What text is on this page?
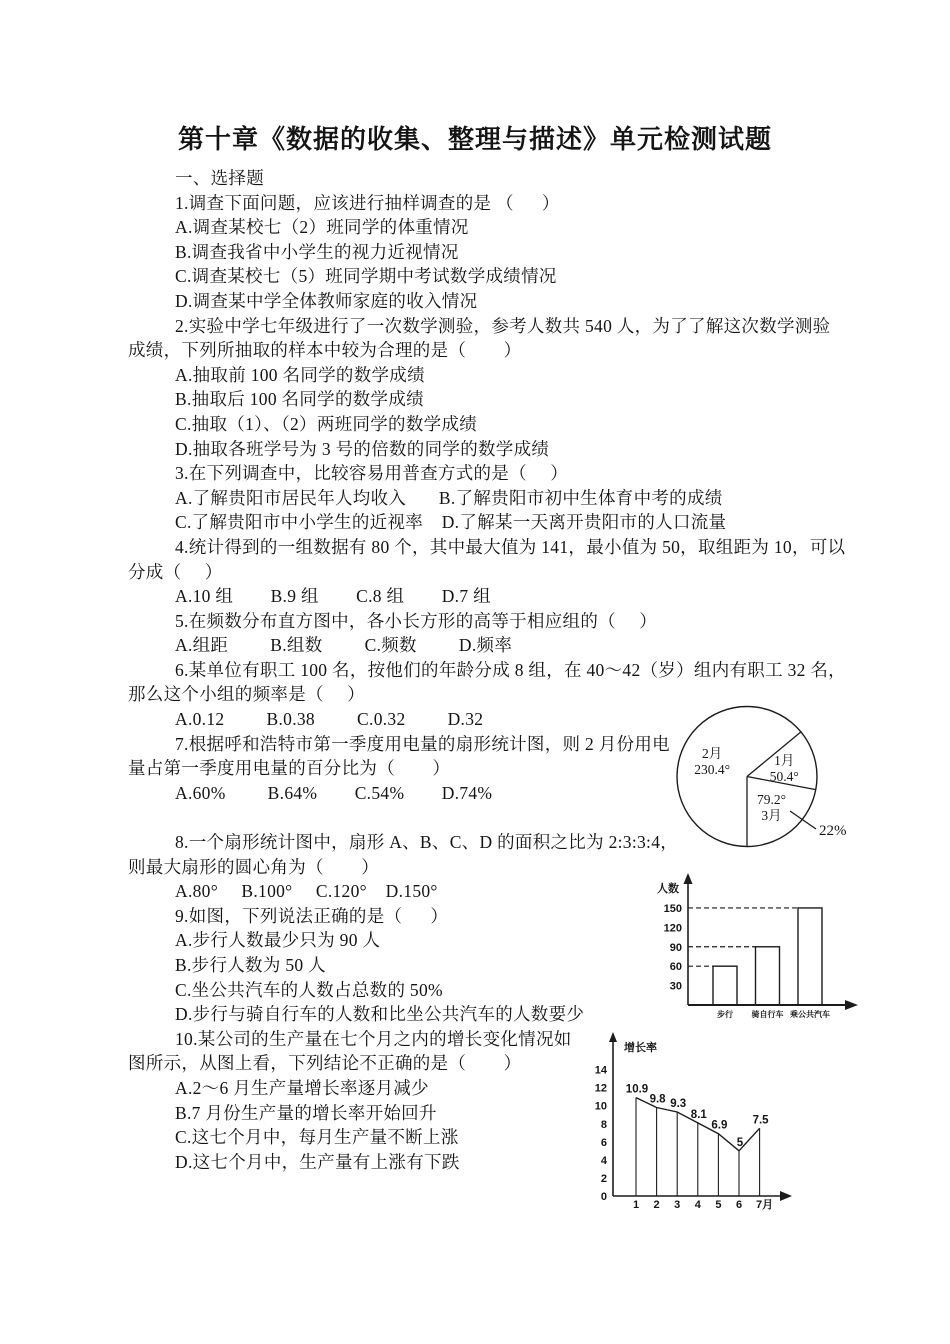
第十章《数据的收集、整理与描述》单元检测试题
一、选择题
1.调查下面问题，应该进行抽样调查的是 （      ）
A.调查某校七（2）班同学的体重情况
B.调查我省中小学生的视力近视情况
C.调查某校七（5）班同学期中考试数学成绩情况
D.调查某中学全体教师家庭的收入情况
2.实验中学七年级进行了一次数学测验，参考人数共 540 人，为了了解这次数学测验
成绩，下列所抽取的样本中较为合理的是（        ）
A.抽取前 100 名同学的数学成绩
B.抽取后 100 名同学的数学成绩
C.抽取（1）、（2）两班同学的数学成绩
D.抽取各班学号为 3 号的倍数的同学的数学成绩
3.在下列调查中，比较容易用普查方式的是（     ）
A.了解贵阳市居民年人均收入       B.了解贵阳市初中生体育中考的成绩
C.了解贵阳市中小学生的近视率    D.了解某一天离开贵阳市的人口流量
4.统计得到的一组数据有 80 个，其中最大值为 141，最小值为 50，取组距为 10，可以
分成（     ）
A.10 组        B.9 组        C.8 组        D.7 组
5.在频数分布直方图中，各小长方形的高等于相应组的（     ）
A.组距         B.组数         C.频数         D.频率
6.某单位有职工 100 名，按他们的年龄分成 8 组，在 40～42（岁）组内有职工 32 名，
那么这个小组的频率是（     ）
A.0.12         B.0.38         C.0.32         D.32
7.根据呼和浩特市第一季度用电量的扇形统计图，则 2 月份用电
量占第一季度用电量的百分比为（        ）
A.60%         B.64%        C.54%        D.74%
8.一个扇形统计图中，扇形 A、B、C、D 的面积之比为 2:3:3:4，
则最大扇形的圆心角为（        ）
A.80°     B.100°     C.120°    D.150°
9.如图，下列说法正确的是（      ）
A.步行人数最少只为 90 人
B.步行人数为 50 人
C.坐公共汽车的人数占总数的 50%
D.步行与骑自行车的人数和比坐公共汽车的人数要少
10.某公司的生产量在七个月之内的增长变化情况如
图所示，从图上看，下列结论不正确的是（        ）
A.2～6 月生产量增长率逐月减少
B.7 月份生产量的增长率开始回升
C.这七个月中，每月生产量不断上涨
D.这七个月中，生产量有上涨有下跌
1月
50.4°
79.2°
3月
22%
2月
230.4°
人数
30
60
90
120
150
步行 骑自行车 乘公共汽车
增长率
0
2
4
6
8
10
12
14
1
10.9
2
9.8
3
9.3
4
8.1
5
6.9
6
5
7月
7.5
